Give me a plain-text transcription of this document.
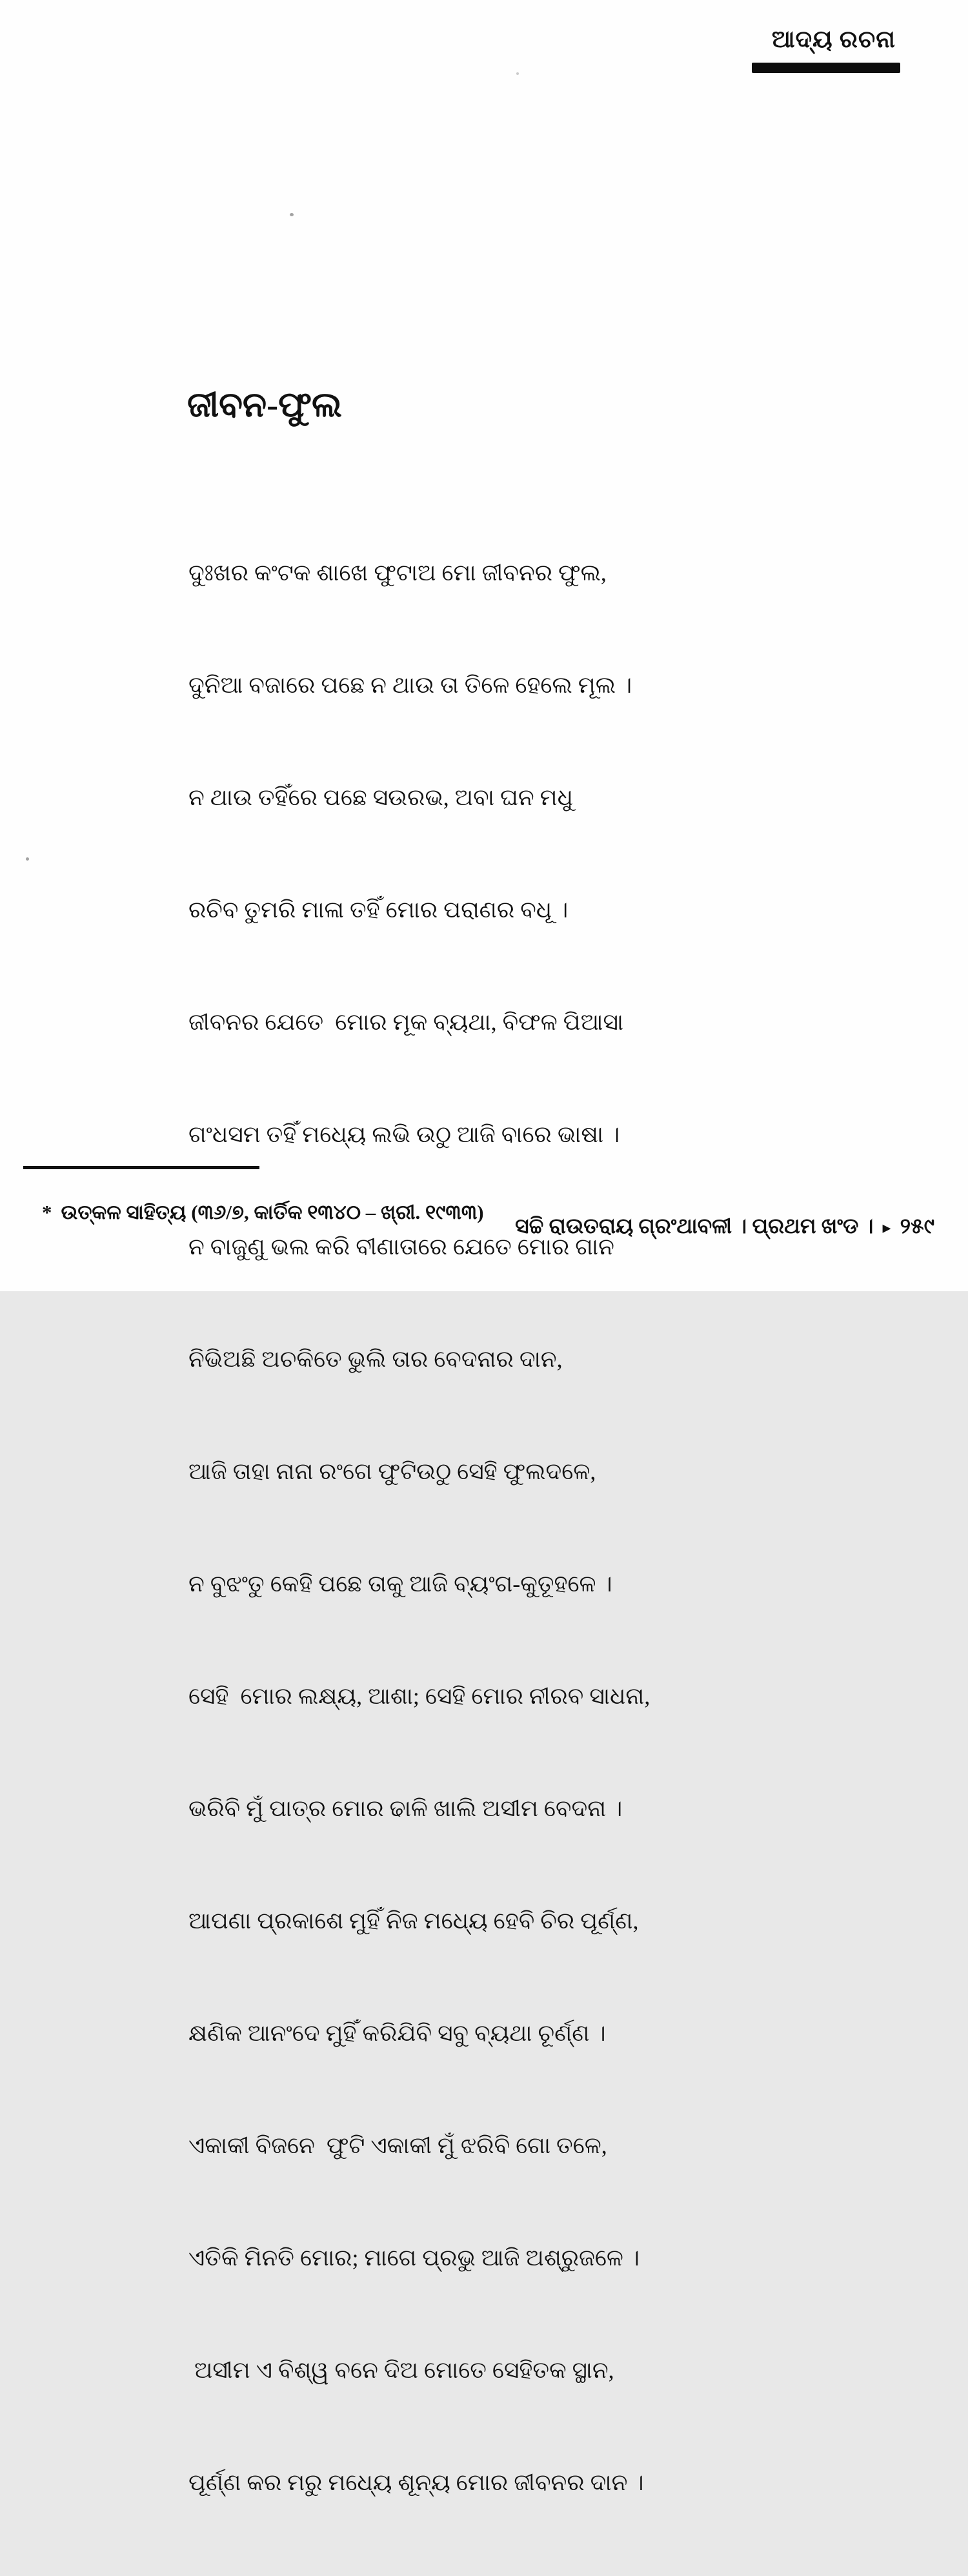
ଆଦ୍ୟ ରଚନା
ଜୀବନ-ଫୁଲ

ଦୁଃଖର କଂଟକ ଶାଖେ ଫୁଟାଅ ମୋ ଜୀବନର ଫୁଲ,

ଦୁନିଆ ବଜାରେ ପଛେ ନ ଥାଉ ତା ତିଳେ ହେଲେ ମୂଲ ।

ନ ଥାଉ ତହିଁରେ ପଛେ ସଉରଭ, ଅବା ଘନ ମଧୁ

ରଚିବ ତୁମରି ମାଳା ତହିଁ ମୋର ପରାଣର ବଧୂ ।

ଜୀବନର ଯେତେ  ମୋର ମୂକ ବ୍ୟଥା, ବିଫଳ ପିଆସା

ଗଂଧସମ ତହିଁ ମଧ୍ୟେ ଲଭି ଉଠୁ ଆଜି ବାରେ ଭାଷା ।

ନ ବାଜୁଣୁ ଭଲ କରି ବୀଣାତାରେ ଯେତେ ମୋର ଗାନ

ନିଭିଅଛି ଅଚକିତେ ଭୁଲି ତାର ବେଦନାର ଦାନ,

ଆଜି ତାହା ନାନା ରଂଗେ ଫୁଟିଉଠୁ ସେହି ଫୁଲଦଳେ,

ନ ବୁଝଂତୁ କେହି ପଛେ ତାକୁ ଆଜି ବ୍ୟଂଗ-କୁତୂହଳେ ।

ସେହି  ମୋର ଲକ୍ଷ୍ୟ, ଆଶା; ସେହି ମୋର ନୀରବ ସାଧନା,

ଭରିବି ମୁଁ ପାତ୍ର ମୋର ଢାଳି ଖାଲି ଅସୀମ ବେଦନା ।

ଆପଣା ପ୍ରକାଶେ ମୁହିଁ ନିଜ ମଧ୍ୟେ ହେବି ଚିର ପୂର୍ଣ୍ଣ,

କ୍ଷଣିକ ଆନଂଦେ ମୁହିଁ କରିଯିବି ସବୁ ବ୍ୟଥା ଚୂର୍ଣ୍ଣ ।

ଏକାକୀ ବିଜନେ  ଫୁଟି ଏକାକୀ ମୁଁ ଝରିବି ଗୋ ତଳେ,

ଏତିକି ମିନତି ମୋର; ମାଗେ ପ୍ରଭୁ ଆଜି ଅଶ୍ରୁଜଳେ ।

ଅସୀମ ଏ ବିଶ୍ୱ ବନେ ଦିଅ ମୋତେ ସେହିତକ ସ୍ଥାନ,

ପୂର୍ଣ୍ଣ କର ମରୁ ମଧ୍ୟେ ଶୂନ୍ୟ ମୋର ଜୀବନର ଦାନ ।

* ଉତ୍କଳ ସାହିତ୍ୟ (୩୬/୭, କାର୍ତିକ ୧୩୪୦ – ଖ୍ରୀ. ୧୯୩୩)

ସଚ୍ଚି ରାଉତରାୟ ଗ୍ରଂଥାବଳୀ । ପ୍ରଥମ ଖଂଡ । ▸ ୨୫୯
